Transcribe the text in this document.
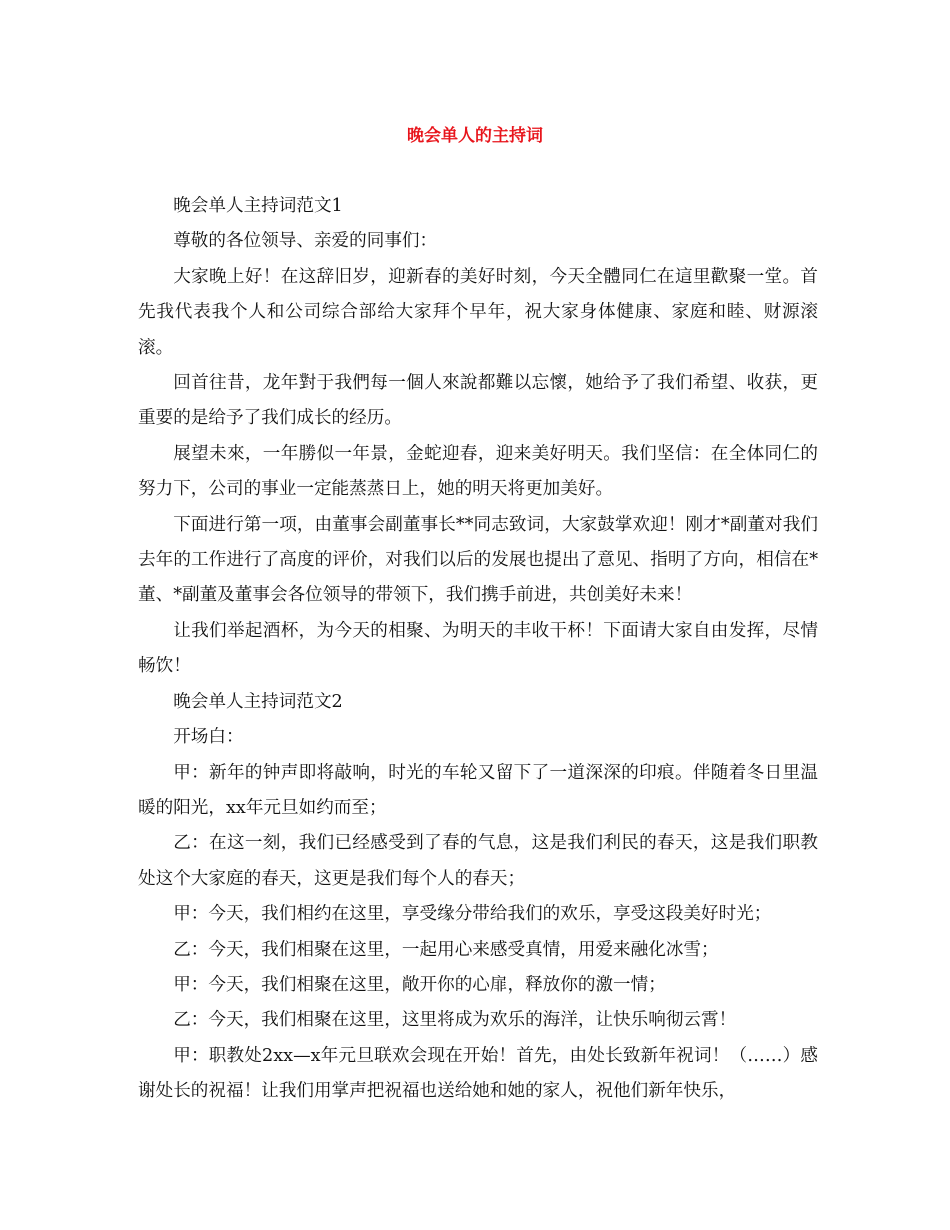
晚会单人的主持词

晚会单人主持词范文1

尊敬的各位领导、亲爱的同事们：

大家晚上好！在这辞旧岁，迎新春的美好时刻，今天全體同仁在這里歡聚一堂。首先我代表我个人和公司综合部给大家拜个早年，祝大家身体健康、家庭和睦、财源滚滚。

回首往昔，龙年對于我們每一個人來說都難以忘懷，她给予了我们希望、收获，更重要的是给予了我们成长的经历。

展望未來，一年勝似一年景，金蛇迎春，迎来美好明天。我们坚信：在全体同仁的努力下，公司的事业一定能蒸蒸日上，她的明天将更加美好。

下面进行第一项，由董事会副董事长**同志致词，大家鼓掌欢迎！刚才*副董对我们去年的工作进行了高度的评价，对我们以后的发展也提出了意见、指明了方向，相信在*董、*副董及董事会各位领导的带领下，我们携手前进，共创美好未来！

让我们举起酒杯，为今天的相聚、为明天的丰收干杯！下面请大家自由发挥，尽情畅饮！

晚会单人主持词范文2

开场白：

甲：新年的钟声即将敲响，时光的车轮又留下了一道深深的印痕。伴随着冬日里温暖的阳光，xx年元旦如约而至；

乙：在这一刻，我们已经感受到了春的气息，这是我们利民的春天，这是我们职教处这个大家庭的春天，这更是我们每个人的春天；

甲：今天，我们相约在这里，享受缘分带给我们的欢乐，享受这段美好时光；

乙：今天，我们相聚在这里，一起用心来感受真情，用爱来融化冰雪；

甲：今天，我们相聚在这里，敞开你的心扉，释放你的激一情；

乙：今天，我们相聚在这里，这里将成为欢乐的海洋，让快乐响彻云霄！

甲：职教处2xx—x年元旦联欢会现在开始！首先，由处长致新年祝词！（……）感谢处长的祝福！让我们用掌声把祝福也送给她和她的家人，祝他们新年快乐，
